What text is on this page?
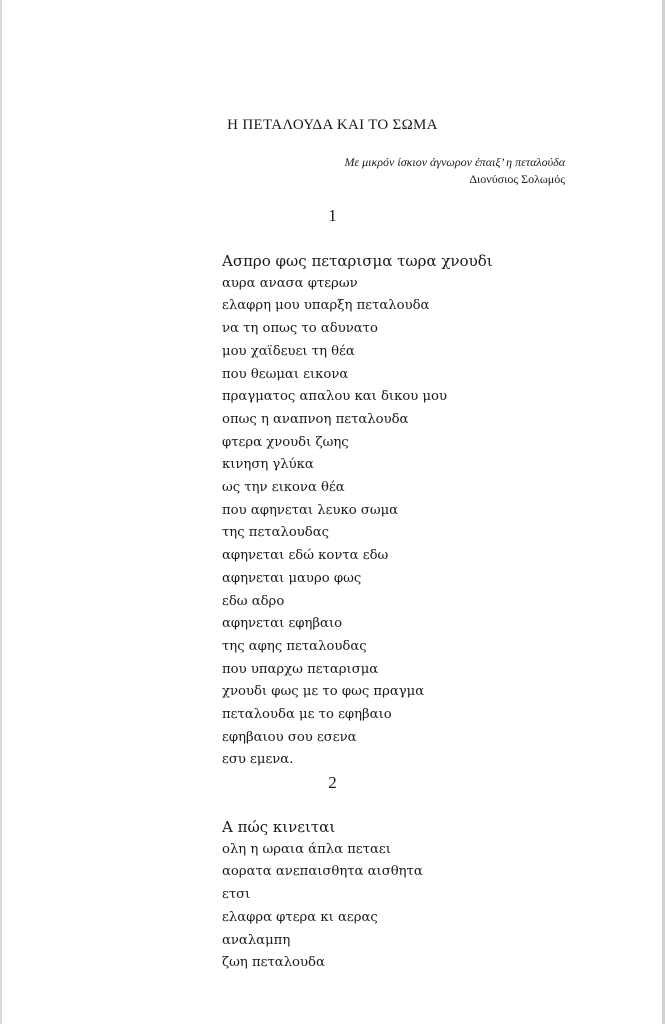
Η ΠΕΤΑΛΟΥΔΑ ΚΑΙ ΤΟ ΣΩΜΑ
Με μικρόν ίσκιον άγνωρον έπαιξ’ η πεταλούδα
Διονύσιος Σολωμός
1
Ασπρο φως πεταρισμα τωρα χνουδι
αυρα ανασα φτερων
ελαφρη μου υπαρξη πεταλουδα
να τη οπως το αδυνατο
μου χαϊδευει τη θέα
που θεωμαι εικονα
πραγματος απαλου και δικου μου
οπως η αναπνοη πεταλουδα
φτερα χνουδι ζωης
κινηση γλύκα
ως την εικονα θέα
που αφηνεται λευκο σωμα
της πεταλουδας
αφηνεται εδώ κοντα εδω
αφηνεται μαυρο φως
εδω αδρο
αφηνεται εφηβαιο
της αφης πεταλουδας
που υπαρχω πεταρισμα
χνουδι φως με το φως πραγμα
πεταλουδα με το εφηβαιο
εφηβαιου σου εσενα
εσυ εμενα.
2
Α πώς κινειται
ολη η ωραια άπλα πεταει
αορατα ανεπαισθητα αισθητα
ετσι
ελαφρα φτερα κι αερας
αναλαμπη
ζωη πεταλουδα
